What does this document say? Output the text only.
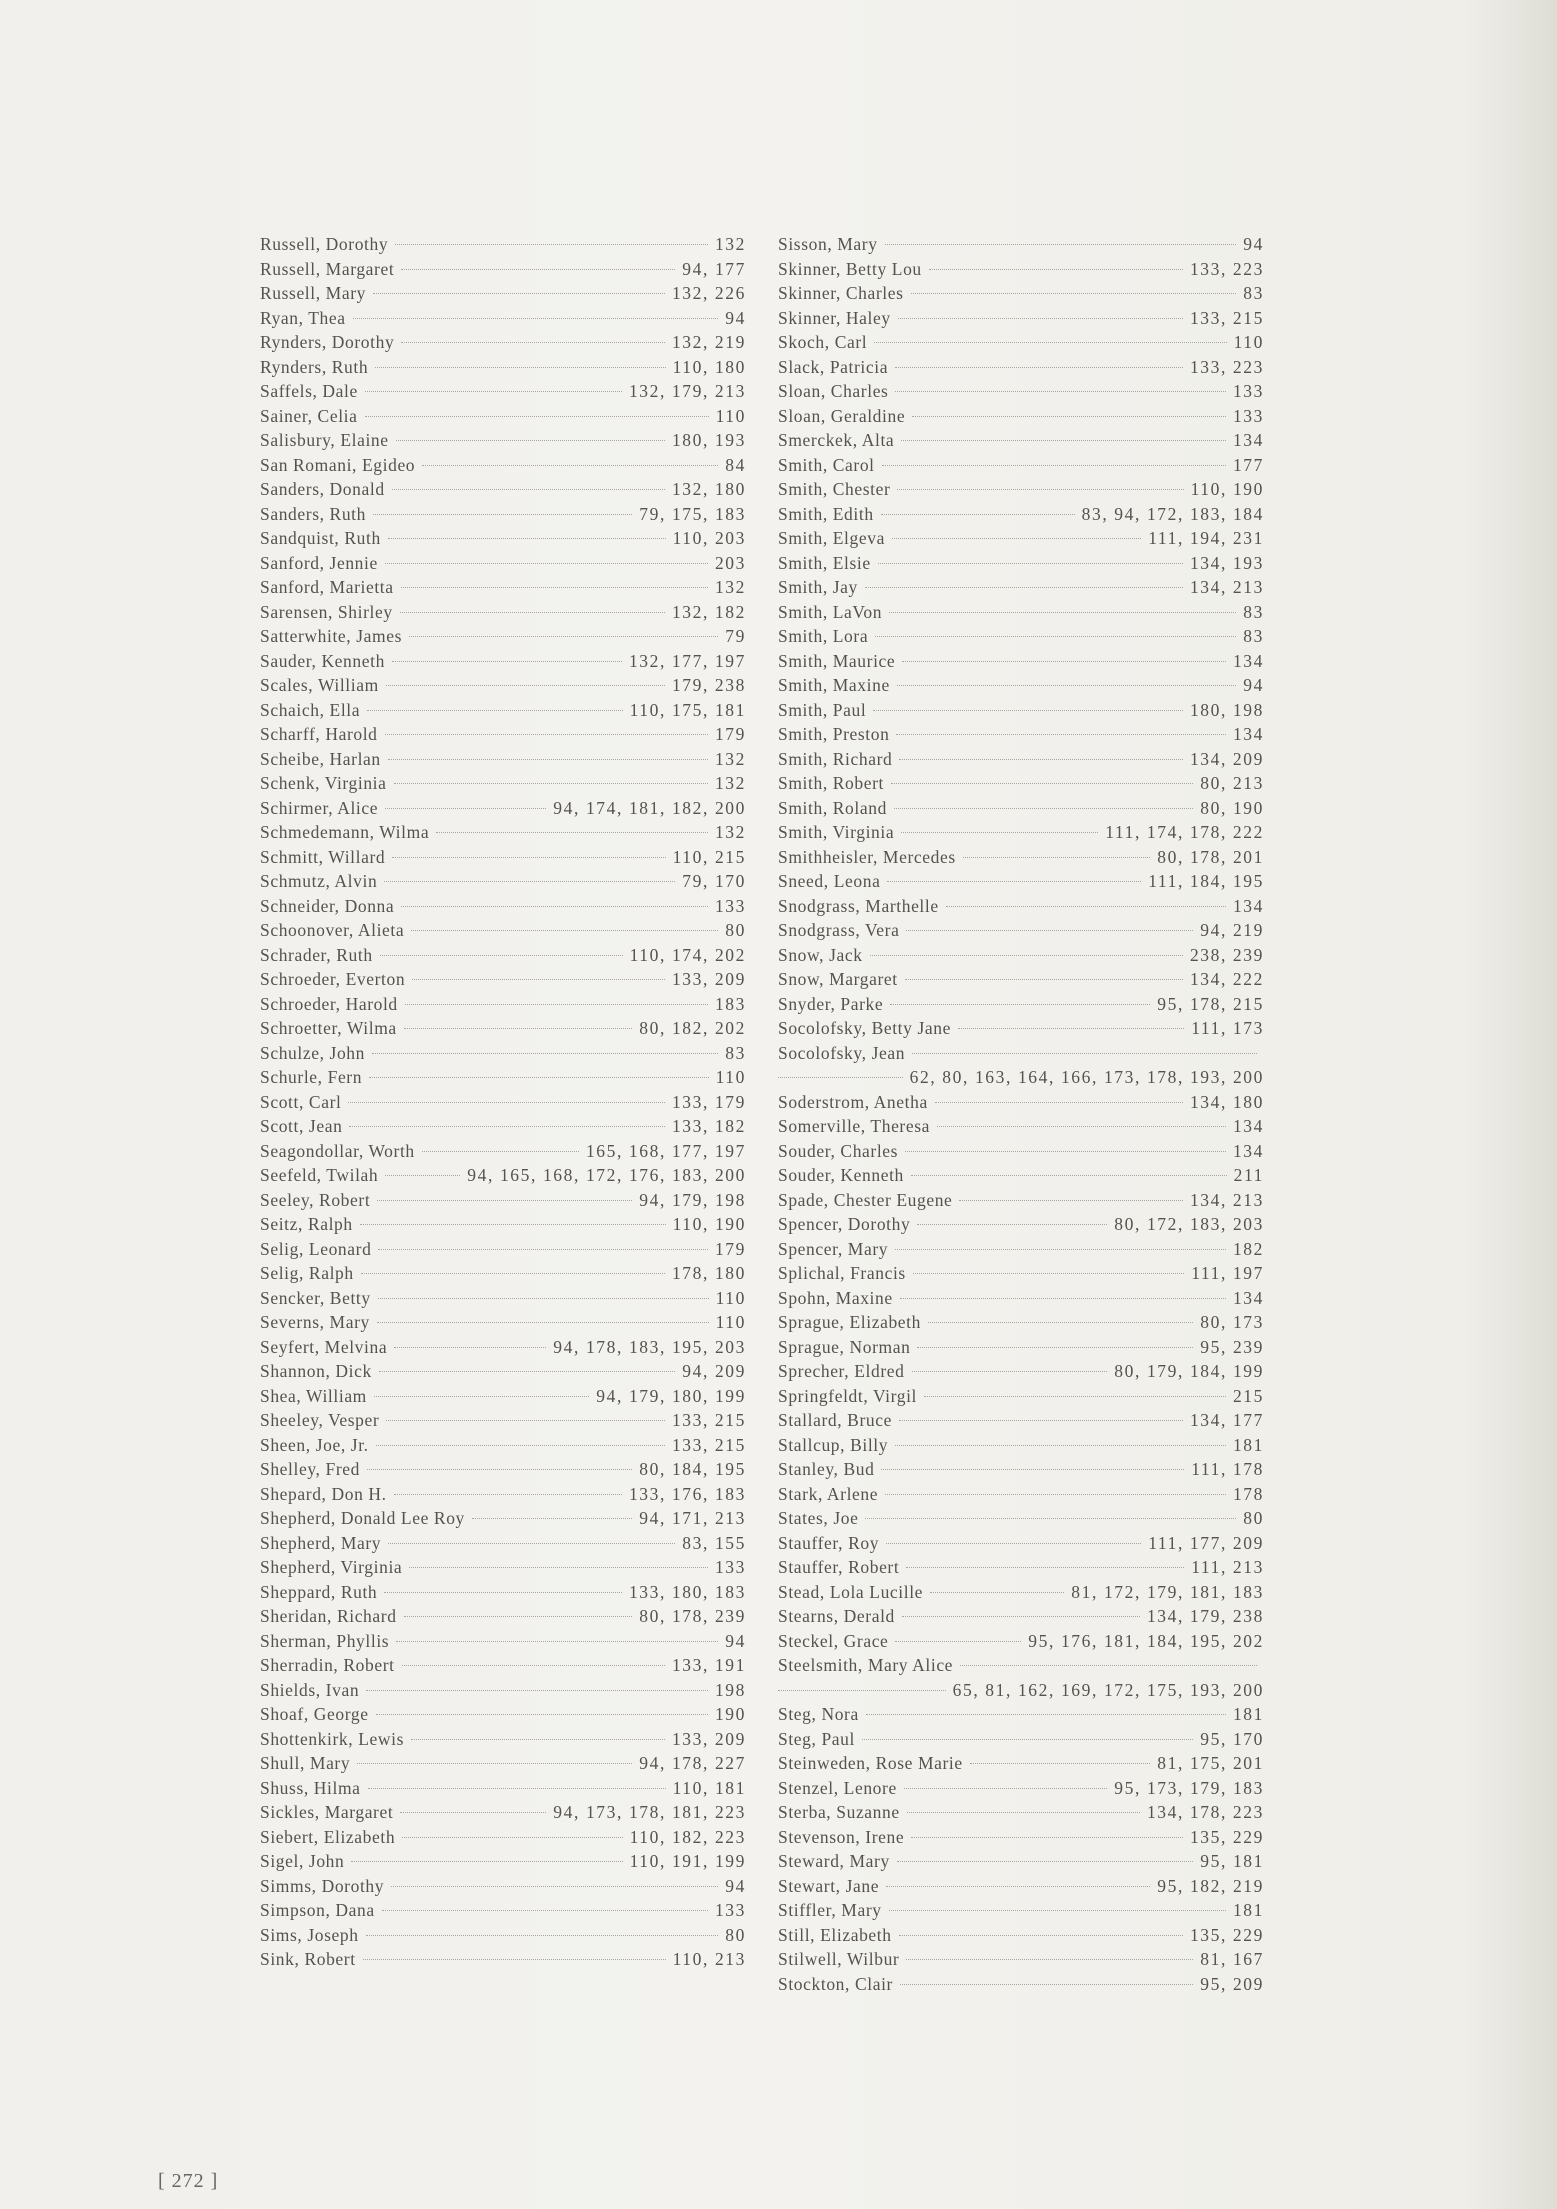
Russell, Dorothy	132
Russell, Margaret	94, 177
Russell, Mary	132, 226
Ryan, Thea	94
Rynders, Dorothy	132, 219
Rynders, Ruth	110, 180
Saffels, Dale	132, 179, 213
Sainer, Celia	110
Salisbury, Elaine	180, 193
San Romani, Egideo	84
Sanders, Donald	132, 180
Sanders, Ruth	79, 175, 183
Sandquist, Ruth	110, 203
Sanford, Jennie	203
Sanford, Marietta	132
Sarensen, Shirley	132, 182
Satterwhite, James	79
Sauder, Kenneth	132, 177, 197
Scales, William	179, 238
Schaich, Ella	110, 175, 181
Scharff, Harold	179
Scheibe, Harlan	132
Schenk, Virginia	132
Schirmer, Alice	94, 174, 181, 182, 200
Schmedemann, Wilma	132
Schmitt, Willard	110, 215
Schmutz, Alvin	79, 170
Schneider, Donna	133
Schoonover, Alieta	80
Schrader, Ruth	110, 174, 202
Schroeder, Everton	133, 209
Schroeder, Harold	183
Schroetter, Wilma	80, 182, 202
Schulze, John	83
Schurle, Fern	110
Scott, Carl	133, 179
Scott, Jean	133, 182
Seagondollar, Worth	165, 168, 177, 197
Seefeld, Twilah	94, 165, 168, 172, 176, 183, 200
Seeley, Robert	94, 179, 198
Seitz, Ralph	110, 190
Selig, Leonard	179
Selig, Ralph	178, 180
Sencker, Betty	110
Severns, Mary	110
Seyfert, Melvina	94, 178, 183, 195, 203
Shannon, Dick	94, 209
Shea, William	94, 179, 180, 199
Sheeley, Vesper	133, 215
Sheen, Joe, Jr.	133, 215
Shelley, Fred	80, 184, 195
Shepard, Don H.	133, 176, 183
Shepherd, Donald Lee Roy	94, 171, 213
Shepherd, Mary	83, 155
Shepherd, Virginia	133
Sheppard, Ruth	133, 180, 183
Sheridan, Richard	80, 178, 239
Sherman, Phyllis	94
Sherradin, Robert	133, 191
Shields, Ivan	198
Shoaf, George	190
Shottenkirk, Lewis	133, 209
Shull, Mary	94, 178, 227
Shuss, Hilma	110, 181
Sickles, Margaret	94, 173, 178, 181, 223
Siebert, Elizabeth	110, 182, 223
Sigel, John	110, 191, 199
Simms, Dorothy	94
Simpson, Dana	133
Sims, Joseph	80
Sink, Robert	110, 213
Sisson, Mary	94
Skinner, Betty Lou	133, 223
Skinner, Charles	83
Skinner, Haley	133, 215
Skoch, Carl	110
Slack, Patricia	133, 223
Sloan, Charles	133
Sloan, Geraldine	133
Smerckek, Alta	134
Smith, Carol	177
Smith, Chester	110, 190
Smith, Edith	83, 94, 172, 183, 184
Smith, Elgeva	111, 194, 231
Smith, Elsie	134, 193
Smith, Jay	134, 213
Smith, LaVon	83
Smith, Lora	83
Smith, Maurice	134
Smith, Maxine	94
Smith, Paul	180, 198
Smith, Preston	134
Smith, Richard	134, 209
Smith, Robert	80, 213
Smith, Roland	80, 190
Smith, Virginia	111, 174, 178, 222
Smithheisler, Mercedes	80, 178, 201
Sneed, Leona	111, 184, 195
Snodgrass, Marthelle	134
Snodgrass, Vera	94, 219
Snow, Jack	238, 239
Snow, Margaret	134, 222
Snyder, Parke	95, 178, 215
Socolofsky, Betty Jane	111, 173
Socolofsky, Jean
62, 80, 163, 164, 166, 173, 178, 193, 200
Soderstrom, Anetha	134, 180
Somerville, Theresa	134
Souder, Charles	134
Souder, Kenneth	211
Spade, Chester Eugene	134, 213
Spencer, Dorothy	80, 172, 183, 203
Spencer, Mary	182
Splichal, Francis	111, 197
Spohn, Maxine	134
Sprague, Elizabeth	80, 173
Sprague, Norman	95, 239
Sprecher, Eldred	80, 179, 184, 199
Springfeldt, Virgil	215
Stallard, Bruce	134, 177
Stallcup, Billy	181
Stanley, Bud	111, 178
Stark, Arlene	178
States, Joe	80
Stauffer, Roy	111, 177, 209
Stauffer, Robert	111, 213
Stead, Lola Lucille	81, 172, 179, 181, 183
Stearns, Derald	134, 179, 238
Steckel, Grace	95, 176, 181, 184, 195, 202
Steelsmith, Mary Alice
65, 81, 162, 169, 172, 175, 193, 200
Steg, Nora	181
Steg, Paul	95, 170
Steinweden, Rose Marie	81, 175, 201
Stenzel, Lenore	95, 173, 179, 183
Sterba, Suzanne	134, 178, 223
Stevenson, Irene	135, 229
Steward, Mary	95, 181
Stewart, Jane	95, 182, 219
Stiffler, Mary	181
Still, Elizabeth	135, 229
Stilwell, Wilbur	81, 167
Stockton, Clair	95, 209
[ 272 ]
